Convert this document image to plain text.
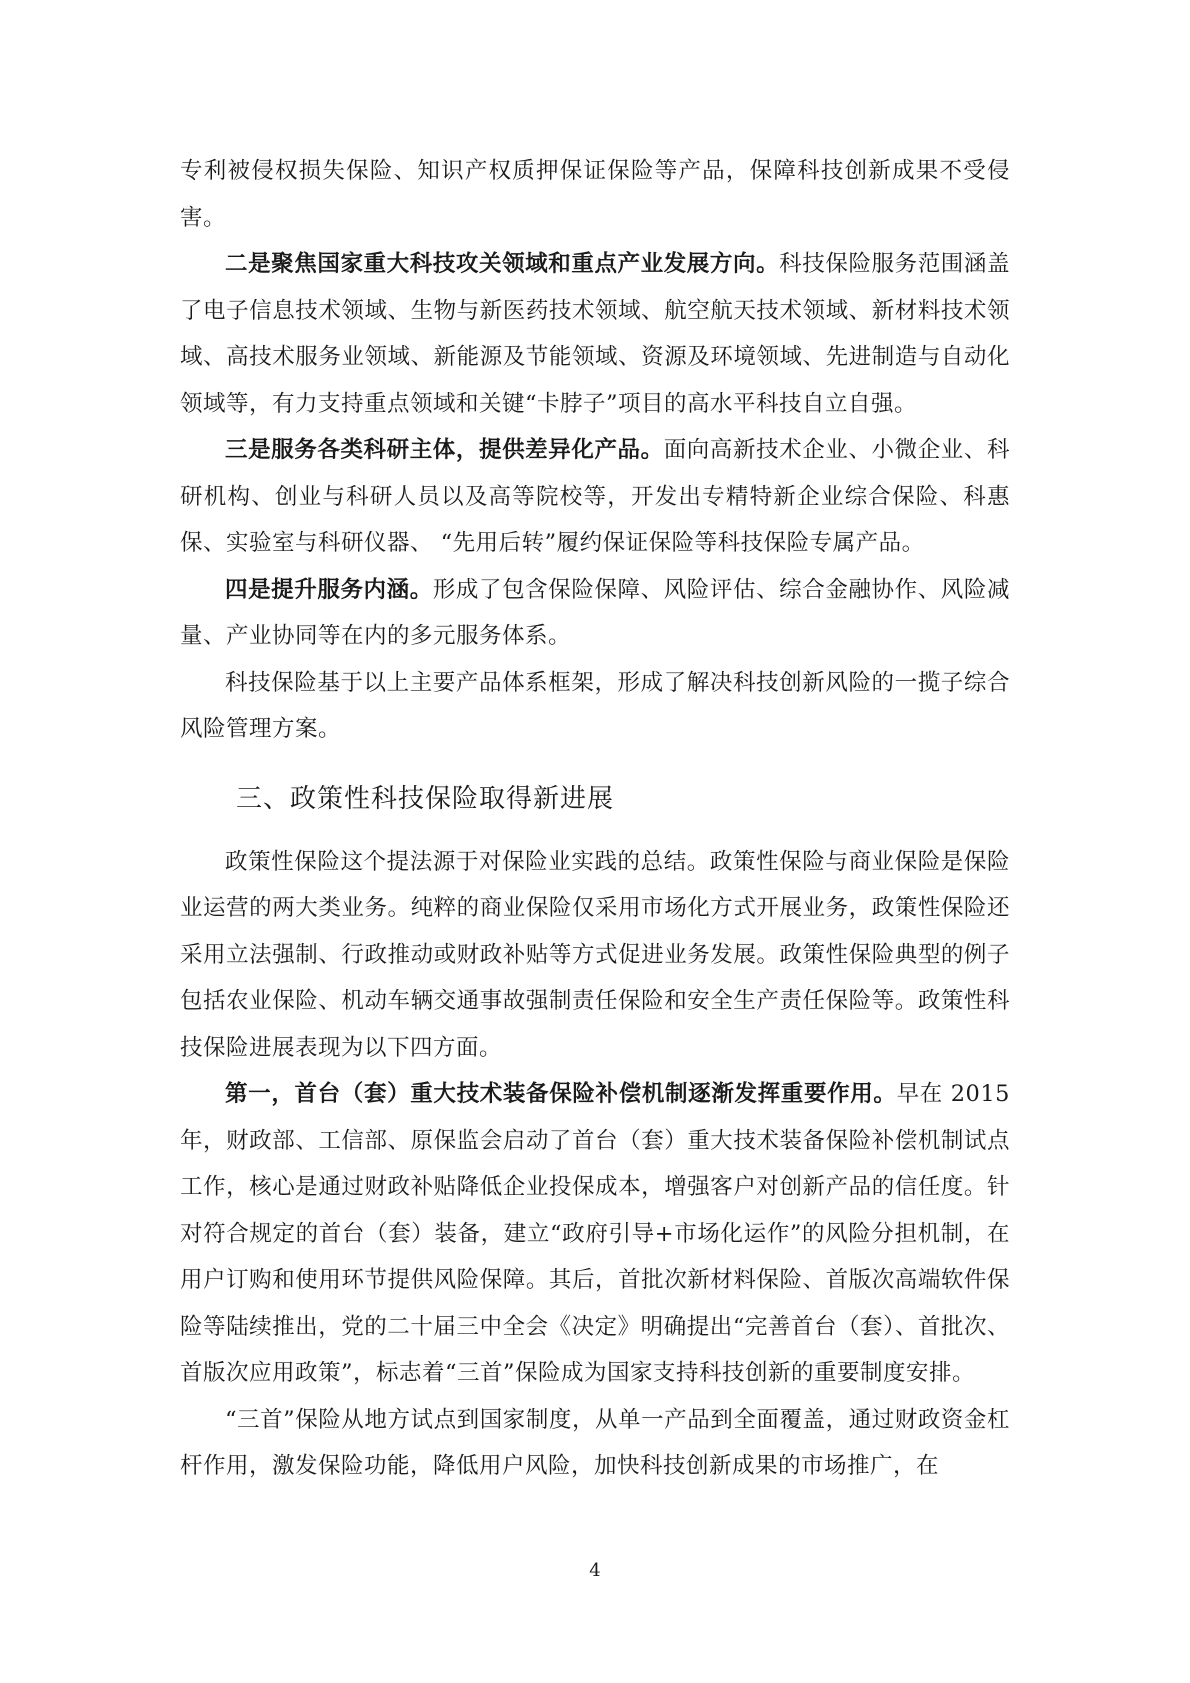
专利被侵权损失保险、知识产权质押保证保险等产品，保障科技创新成果不受侵害。

二是聚焦国家重大科技攻关领域和重点产业发展方向。科技保险服务范围涵盖了电子信息技术领域、生物与新医药技术领域、航空航天技术领域、新材料技术领域、高技术服务业领域、新能源及节能领域、资源及环境领域、先进制造与自动化领域等，有力支持重点领域和关键“卡脖子”项目的高水平科技自立自强。

三是服务各类科研主体，提供差异化产品。面向高新技术企业、小微企业、科研机构、创业与科研人员以及高等院校等，开发出专精特新企业综合保险、科惠保、实验室与科研仪器、 “先用后转”履约保证保险等科技保险专属产品。

四是提升服务内涵。形成了包含保险保障、风险评估、综合金融协作、风险减量、产业协同等在内的多元服务体系。

科技保险基于以上主要产品体系框架，形成了解决科技创新风险的一揽子综合风险管理方案。

三、政策性科技保险取得新进展

政策性保险这个提法源于对保险业实践的总结。政策性保险与商业保险是保险业运营的两大类业务。纯粹的商业保险仅采用市场化方式开展业务，政策性保险还采用立法强制、行政推动或财政补贴等方式促进业务发展。政策性保险典型的例子包括农业保险、机动车辆交通事故强制责任保险和安全生产责任保险等。政策性科技保险进展表现为以下四方面。

第一，首台（套）重大技术装备保险补偿机制逐渐发挥重要作用。早在 2015 年，财政部、工信部、原保监会启动了首台（套）重大技术装备保险补偿机制试点工作，核心是通过财政补贴降低企业投保成本，增强客户对创新产品的信任度。针对符合规定的首台（套）装备，建立“政府引导+市场化运作”的风险分担机制，在用户订购和使用环节提供风险保障。其后，首批次新材料保险、首版次高端软件保险等陆续推出，党的二十届三中全会《决定》明确提出“完善首台（套）、首批次、首版次应用政策”，标志着“三首”保险成为国家支持科技创新的重要制度安排。

“三首”保险从地方试点到国家制度，从单一产品到全面覆盖，通过财政资金杠杆作用，激发保险功能，降低用户风险，加快科技创新成果的市场推广，在

4
